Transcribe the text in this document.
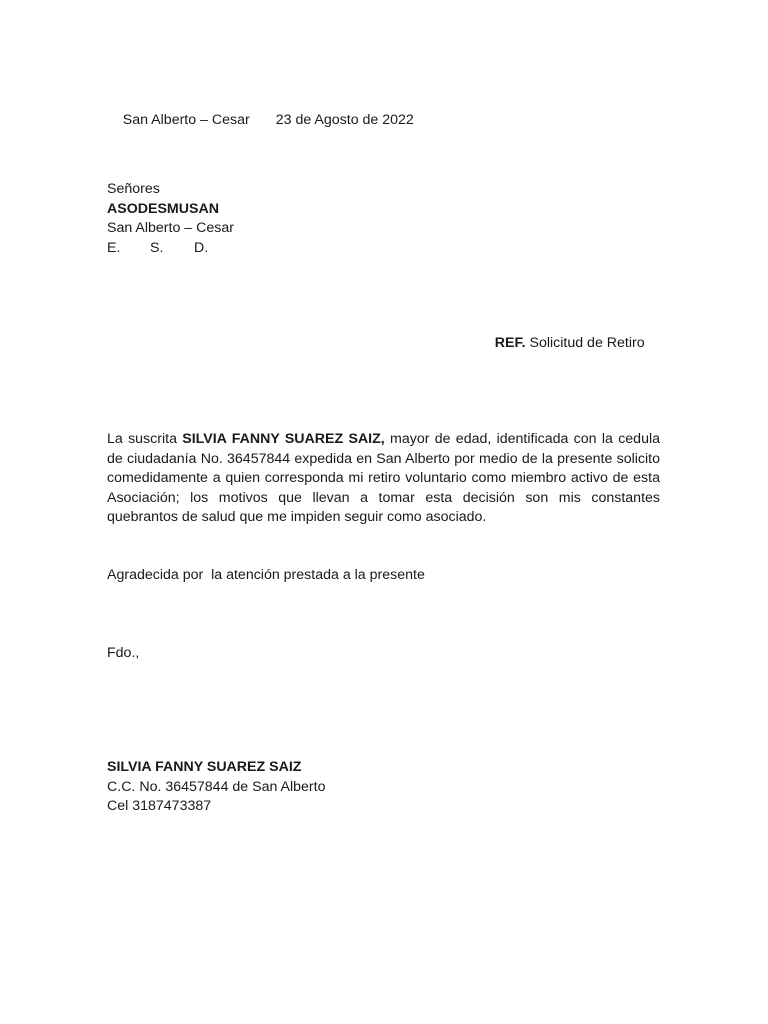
San Alberto – Cesar 23 de Agosto de 2022

Señores
ASODESMUSAN
San Alberto – Cesar
E. S. D.

REF. Solicitud de Retiro

La suscrita SILVIA FANNY SUAREZ SAIZ, mayor de edad, identificada con la cedula de ciudadanía No. 36457844 expedida en San Alberto por medio de la presente solicito comedidamente a quien corresponda mi retiro voluntario como miembro activo de esta Asociación; los motivos que llevan a tomar esta decisión son mis constantes quebrantos de salud que me impiden seguir como asociado.
Agradecida por  la atención prestada a la presente
Fdo.,
SILVIA FANNY SUAREZ SAIZ
C.C. No. 36457844 de San Alberto
Cel 3187473387
